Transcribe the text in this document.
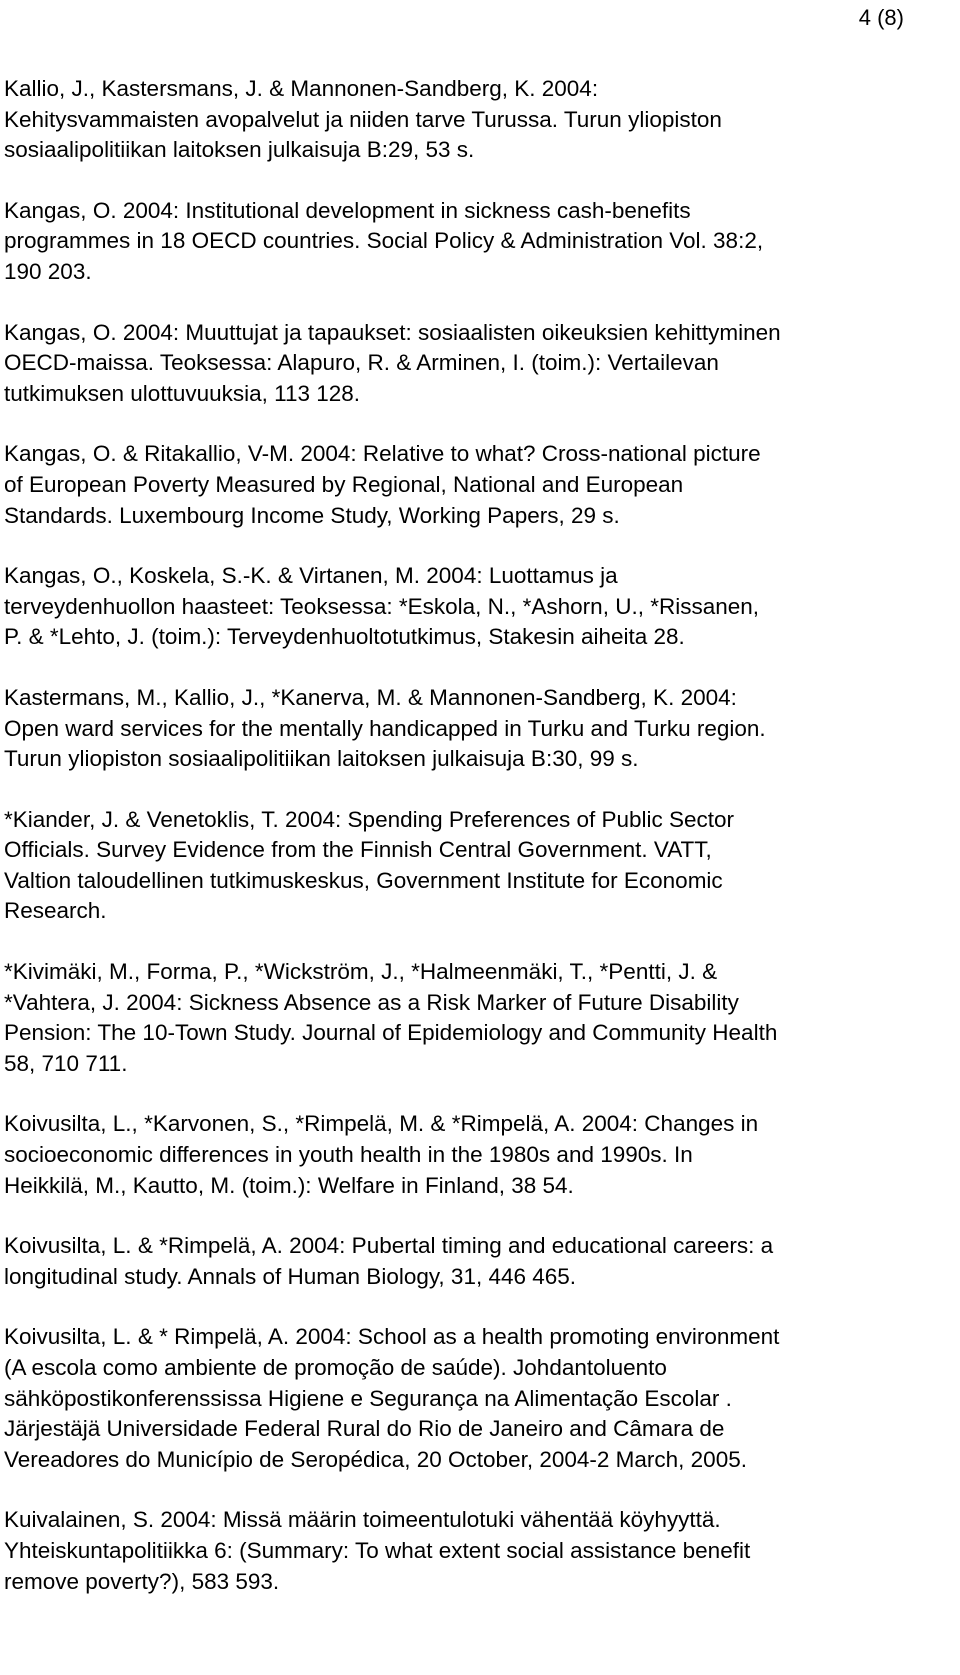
4 (8)
Kallio, J., Kastersmans, J. & Mannonen-Sandberg, K. 2004:
Kehitysvammaisten avopalvelut ja niiden tarve Turussa. Turun yliopiston
sosiaalipolitiikan laitoksen julkaisuja B:29, 53 s.
Kangas, O. 2004: Institutional development in sickness cash-benefits
programmes in 18 OECD countries. Social Policy & Administration Vol. 38:2,
190 203.
Kangas, O. 2004: Muuttujat ja tapaukset: sosiaalisten oikeuksien kehittyminen
OECD-maissa. Teoksessa: Alapuro, R. & Arminen, I. (toim.): Vertailevan
tutkimuksen ulottuvuuksia, 113 128.
Kangas, O. & Ritakallio, V-M. 2004: Relative to what? Cross-national picture
of European Poverty Measured by Regional, National and European
Standards. Luxembourg Income Study, Working Papers, 29 s.
Kangas, O., Koskela, S.-K. & Virtanen, M. 2004: Luottamus ja
terveydenhuollon haasteet: Teoksessa: *Eskola, N., *Ashorn, U., *Rissanen,
P. & *Lehto, J. (toim.): Terveydenhuoltotutkimus, Stakesin aiheita 28.
Kastermans, M., Kallio, J., *Kanerva, M. & Mannonen-Sandberg, K. 2004:
Open ward services for the mentally handicapped in Turku and Turku region.
Turun yliopiston sosiaalipolitiikan laitoksen julkaisuja B:30, 99 s.
*Kiander, J. & Venetoklis, T. 2004: Spending Preferences of Public Sector
Officials. Survey Evidence from the Finnish Central Government. VATT,
Valtion taloudellinen tutkimuskeskus, Government Institute for Economic
Research.
*Kivimäki, M., Forma, P., *Wickström, J., *Halmeenmäki, T., *Pentti, J. &
*Vahtera, J. 2004: Sickness Absence as a Risk Marker of Future Disability
Pension: The 10-Town Study. Journal of Epidemiology and Community Health
58, 710 711.
Koivusilta, L., *Karvonen, S., *Rimpelä, M. & *Rimpelä, A. 2004: Changes in
socioeconomic differences in youth health in the 1980s and 1990s. In
Heikkilä, M., Kautto, M. (toim.): Welfare in Finland, 38 54.
Koivusilta, L. & *Rimpelä, A. 2004: Pubertal timing and educational careers: a
longitudinal study. Annals of Human Biology, 31, 446 465.
Koivusilta, L. & * Rimpelä, A. 2004: School as a health promoting environment
(A escola como ambiente de promoção de saúde). Johdantoluento
sähköpostikonferenssissa Higiene e Segurança na Alimentação Escolar .
Järjestäjä Universidade Federal Rural do Rio de Janeiro and Câmara de
Vereadores do Município de Seropédica, 20 October, 2004-2 March, 2005.
Kuivalainen, S. 2004: Missä määrin toimeentulotuki vähentää köyhyyttä.
Yhteiskuntapolitiikka 6: (Summary: To what extent social assistance benefit
remove poverty?), 583 593.
